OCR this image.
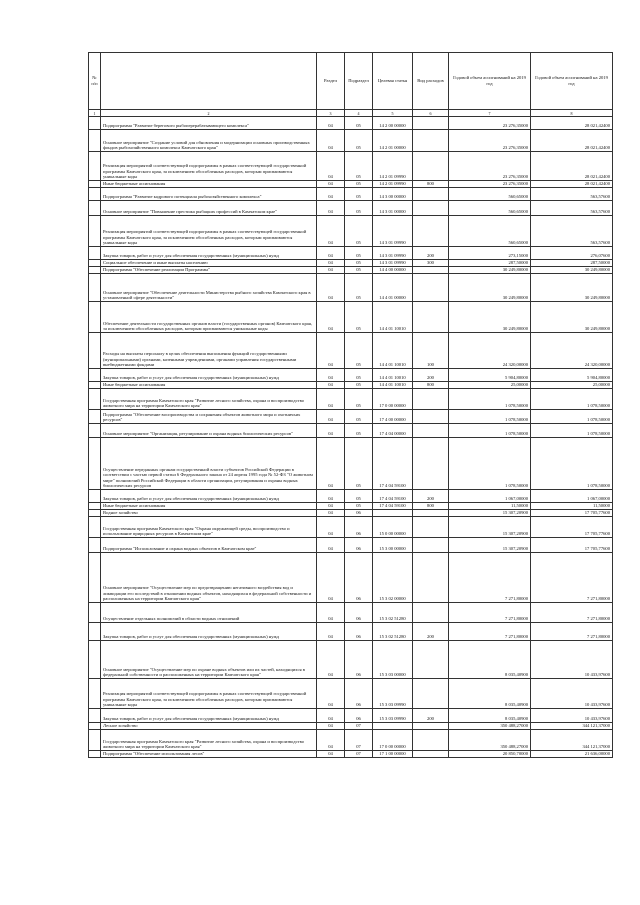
№ п/п		Раздел	Подраздел	Целевая статья	Вид расходов	Годовой объем ассигнований на 2019 год	Годовой объем ассигнований на 2019 год
1	2	3	4	5	6	7	8
	Подпрограмма "Развитие берегового рыбоперерабатывающего комплекса"	04	05	14 2 00 00000		23 276,35000	28 021,42400
	Основное мероприятие "Создание условий для обновления и модернизации основных производственных фондов рыбохозяйственного комплекса Камчатского края"	04	05	14 2 01 00000		23 276,35000	28 021,42400
	Реализация мероприятий соответствующей подпрограммы в рамках соответствующей государственной программы Камчатского края, за исключением обособленных расходов, которым присваиваются уникальные коды	04	05	14 2 01 09990		23 276,35000	28 021,42400
	Иные бюджетные ассигнования	04	05	14 2 01 09990	800	23 276,35000	28 021,42400
	Подпрограмма "Развитие кадрового потенциала рыбохозяйственного комплекса"	04	05	14 3 00 00000		560,65000	563,57600
	Основное мероприятие "Повышение престижа рыбацких профессий в Камчатском крае"	04	05	14 3 01 00000		560,65000	563,57600
	Реализация мероприятий соответствующей подпрограммы в рамках соответствующей государственной программы Камчатского края, за исключением обособленных расходов, которым присваиваются уникальные коды	04	05	14 3 01 09990		560,65000	563,57600
	Закупка товаров, работ и услуг для обеспечения государственных (муниципальных) нужд	04	05	14 3 01 09990	200	273,15000	276,07600
	Социальное обеспечение и иные выплаты населению	04	05	14 3 01 09990	300	287,50000	287,50000
	Подпрограмма "Обеспечение реализации Программы"	04	05	14 4 00 00000		30 249,80000	30 249,80000
	Основное мероприятие "Обеспечение деятельности Министерства рыбного хозяйства Камчатского края в установленной сфере деятельности"	04	05	14 4 01 00000		30 249,80000	30 249,80000
	Обеспечение деятельности государственных органов власти (государственных органов) Камчатского края, за исключением обособленных расходов, которым присваиваются уникальные коды	04	05	14 4 01 10010		30 249,80000	30 249,80000
	Расходы на выплаты персоналу в целях обеспечения выполнения функций государственными (муниципальными) органами, казенными учреждениями, органами управления государственными внебюджетными фондами	04	05	14 4 01 10010	100	24 320,00000	24 320,00000
	Закупка товаров, работ и услуг для обеспечения государственных (муниципальных) нужд	04	05	14 4 01 10010	200	5 904,80000	5 904,80000
	Иные бюджетные ассигнования	04	05	14 4 01 10010	800	25,00000	25,00000
	Государственная программа Камчатского края "Развитие лесного хозяйства, охрана и воспроизводство животного мира на территории Камчатского края"	04	05	17 0 00 00000		1 078,50000	1 078,50000
	Подпрограмма "Обеспечение воспроизводства и сохранения объектов животного мира и охотничьих ресурсов"	04	05	17 4 00 00000		1 078,50000	1 078,50000
	Основное мероприятие "Организация, регулирование и охрана водных биологических ресурсов"	04	05	17 4 04 00000		1 078,50000	1 078,50000
	Осуществление переданных органам государственной власти субъектов Российской Федерации в соответствии с частью первой статьи 6 Федерального закона от 24 апреля 1995 года № 52-ФЗ "О животном мире" полномочий Российской Федерации в области организации, регулирования и охраны водных биологических ресурсов	04	05	17 4 04 59100		1 078,50000	1 078,50000
	Закупка товаров, работ и услуг для обеспечения государственных (муниципальных) нужд	04	05	17 4 04 59100	200	1 067,00000	1 067,00000
	Иные бюджетные ассигнования	04	05	17 4 04 59100	800	11,50000	11,50000
	Водное хозяйство	04	06			15 307,20900	17 705,77600
	Государственная программа Камчатского края "Охрана окружающей среды, воспроизводство и использование природных ресурсов в Камчатском крае"	04	06	15 0 00 00000		15 307,20900	17 705,77600
	Подпрограмма "Использование и охрана водных объектов в Камчатском крае"	04	06	15 3 00 00000		15 307,20900	17 705,77600
	Основное мероприятие "Осуществление мер по предотвращению негативного воздействия вод и ликвидации его последствий в отношении водных объектов, находящихся в федеральной собственности и расположенных на территории Камчатского края"	04	06	15 3 02 00000		7 271,80000	7 271,80000
	Осуществление отдельных полномочий в области водных отношений	04	06	15 3 02 51280		7 271,80000	7 271,80000
	Закупка товаров, работ и услуг для обеспечения государственных (муниципальных) нужд	04	06	15 3 02 51280	200	7 271,80000	7 271,80000
	Основное мероприятие "Осуществление мер по охране водных объектов или их частей, находящихся в федеральной собственности и расположенных на территории Камчатского края"	04	06	15 3 03 00000		8 035,40900	10 433,97600
	Реализация мероприятий соответствующей подпрограммы в рамках соответствующей государственной программы Камчатского края, за исключением обособленных расходов, которым присваиваются уникальные коды	04	06	15 3 03 09990		8 035,40900	10 433,97600
	Закупка товаров, работ и услуг для обеспечения государственных (муниципальных) нужд	04	06	15 3 03 09990	200	8 035,40900	10 433,97600
	Лесное хозяйство	04	07			350 488,27000	344 121,37000
	Государственная программа Камчатского края "Развитие лесного хозяйства, охрана и воспроизводство животного мира на территории Камчатского края"	04	07	17 0 00 00000		350 488,27000	344 121,37000
	Подпрограмма "Обеспечение использования лесов"	04	07	17 1 00 00000		20 850,70000	21 636,00000
